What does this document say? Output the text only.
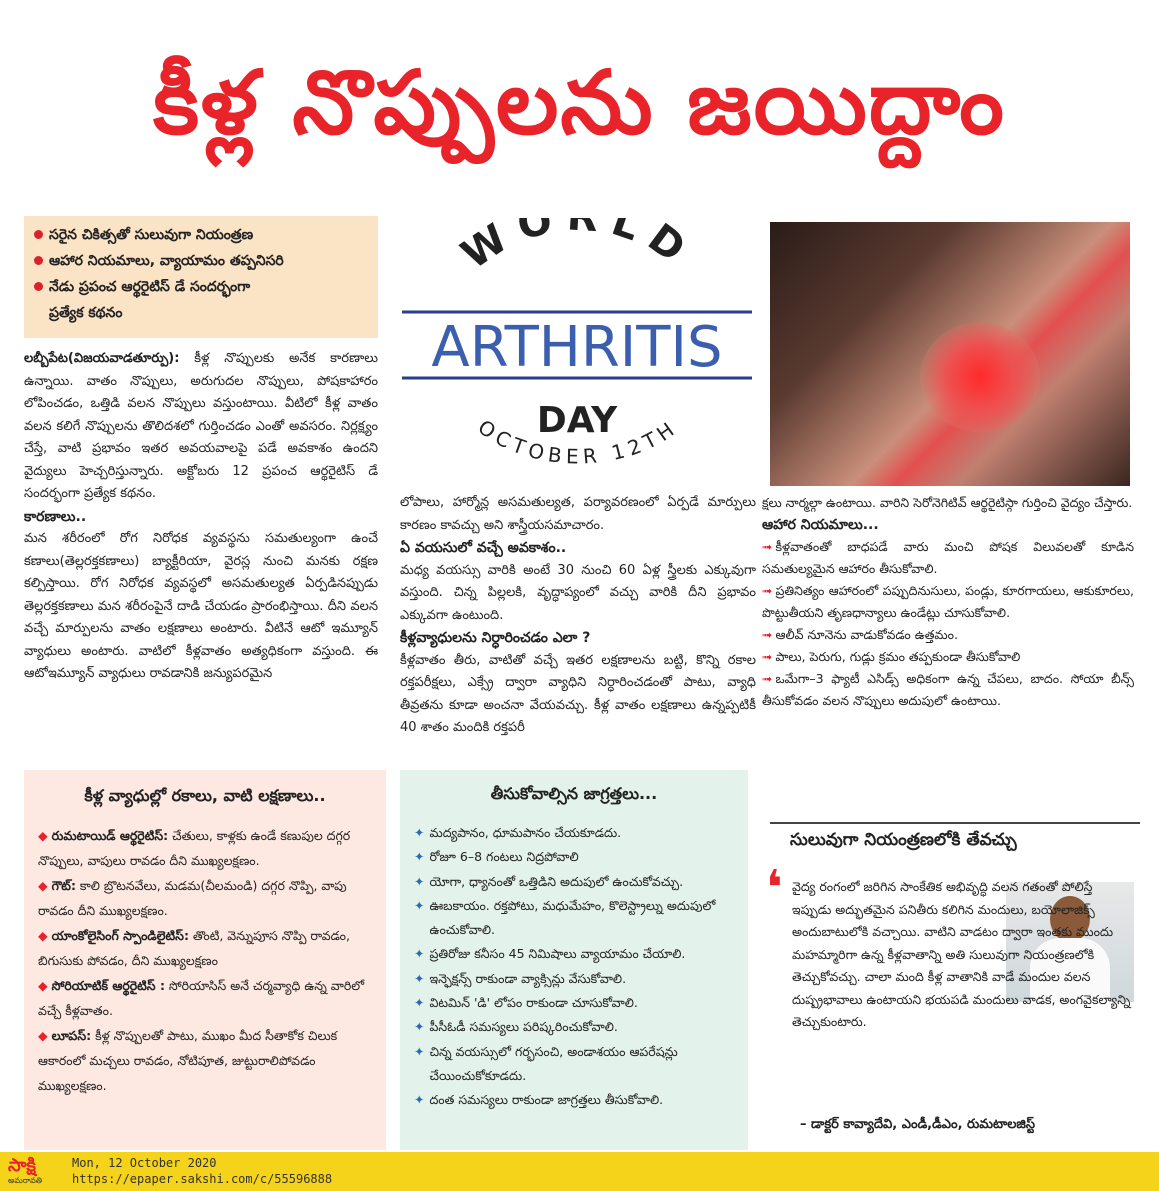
కీళ్ల నొప్పులను జయిద్దాం
సరైన చికిత్సతో సులువుగా నియంత్రణ
ఆహార నియమాలు, వ్యాయామం తప్పనిసరి
నేడు ప్రపంచ ఆర్థరైటిస్ డే సందర్భంగా
ప్రత్యేక కథనం
WO LD
ARTHRITIS
DAY
OCTOBER 12TH

లబ్బీపేట(విజయవాడతూర్పు): కీళ్ల నొప్పులకు అనేక కారణాలు ఉన్నాయి. వాతం నొప్పులు, అరుగుదల నొప్పులు, పోషకాహారం లోపించడం, ఒత్తిడి వలన నొప్పులు వస్తుంటాయి. వీటిలో కీళ్ల వాతం వలన కలిగే నొప్పులను తొలిదశలో గుర్తించడం ఎంతో అవసరం. నిర్లక్ష్యం చేస్తే, వాటి ప్రభావం ఇతర అవయవాలపై పడే అవకాశం ఉందని వైద్యులు హెచ్చరిస్తున్నారు. అక్టోబరు 12 ప్రపంచ ఆర్థరైటిస్ డే సందర్భంగా ప్రత్యేక కథనం.

కారణాలు..

మన శరీరంలో రోగ నిరోధక వ్యవస్థను సమతుల్యంగా ఉంచే కణాలు(తెల్లరక్తకణాలు) బ్యాక్టీరియా, వైరస్ల నుంచి మనకు రక్షణ కల్పిస్తాయి. రోగ నిరోధక వ్యవస్థలో అసమతుల్యత ఏర్పడినప్పుడు తెల్లరక్తకణాలు మన శరీరంపైనే దాడి చేయడం ప్రారంభిస్తాయి. దీని వలన వచ్చే మార్పులను వాతం లక్షణాలు అంటారు. వీటినే ఆటో ఇమ్యూన్ వ్యాధులు అంటారు. వాటిలో కీళ్లవాతం అత్యధికంగా వస్తుంది. ఈ ఆటోఇమ్యూన్ వ్యాధులు రావడానికి జన్యుపరమైన

లోపాలు, హార్మోన్ల అసమతుల్యత, పర్యావరణంలో ఏర్పడే మార్పులు కారణం కావచ్చు అని శాస్త్రీయసమాచారం.

ఏ వయసులో వచ్చే అవకాశం..

మధ్య వయస్సు వారికి అంటే 30 నుంచి 60 ఏళ్ల స్త్రీలకు ఎక్కువుగా వస్తుంది. చిన్న పిల్లలకి, వృద్ధాప్యంలో వచ్చు వారికి దీని ప్రభావం ఎక్కువగా ఉంటుంది.

కీళ్లవ్యాధులను నిర్ధారించడం ఎలా ?

కీళ్లవాతం తీరు, వాటితో వచ్చే ఇతర లక్షణాలను బట్టి, కొన్ని రకాల రక్తపరీక్షలు, ఎక్స్రే ద్వారా వ్యాధిని నిర్ధారించడంతో పాటు, వ్యాధి తీవ్రతను కూడా అంచనా వేయవచ్చు. కీళ్ల వాతం లక్షణాలు ఉన్నప్పటికీ 40 శాతం మందికి రక్తపరీ

క్షలు నార్మల్గా ఉంటాయి. వారిని సెరోనెగిటివ్ ఆర్థరైటిస్గా గుర్తించి వైద్యం చేస్తారు.

ఆహార నియమాలు...

➟ కీళ్లవాతంతో బాధపడే వారు మంచి పోషక విలువలతో కూడిన సమతుల్యమైన ఆహారం తీసుకోవాలి.

➟ ప్రతినిత్యం ఆహారంలో పప్పుదినుసులు, పండ్లు, కూరగాయలు, ఆకుకూరలు, పొట్టుతీయని తృణధాన్యాలు ఉండేట్లు చూసుకోవాలి.

➟ ఆలీవ్ నూనెను వాడుకోవడం ఉత్తమం.

➟ పాలు, పెరుగు, గుడ్లు క్రమం తప్పకుండా తీసుకోవాలి

➟ ఒమేగా–3 ఫ్యాటీ ఎసిడ్స్ అధికంగా ఉన్న చేపలు, బాదం. సోయా బీన్స్ తీసుకోవడం వలన నొప్పులు అదుపులో ఉంటాయి.

కీళ్ల వ్యాధుల్లో రకాలు, వాటి లక్షణాలు..

◆ రుమటాయిడ్ ఆర్థరైటిస్: చేతులు, కాళ్లకు ఉండే కణుపుల దగ్గర నొప్పులు, వాపులు రావడం దీని ముఖ్యలక్షణం.

◆ గౌట్: కాలి బ్రొటనవేలు, మడమ(చీలమండి) దగ్గర నొప్పి, వాపు రావడం దీని ముఖ్యలక్షణం.

◆ యాంకోలైసింగ్ స్పాండిలైటిస్: తొంటి, వెన్నుపూస నొప్పి రావడం, బిగుసుకు పోవడం, దీని ముఖ్యలక్షణం

◆ సోరియాటిక్ ఆర్థరైటిస్ : సోరియాసిస్ అనే చర్మవ్యాధి ఉన్న వారిలో వచ్చే కీళ్లవాతం.

◆ లూపస్: కీళ్ల నొప్పులతో పాటు, ముఖం మీద సీతాకోక చిలుక ఆకారంలో మచ్చలు రావడం, నోటిపూత, జుట్టురాలిపోవడం ముఖ్యలక్షణం.

తీసుకోవాల్సిన జాగ్రత్తలు...
✦ మద్యపానం, ధూమపానం చేయకూడదు.
✦ రోజూ 6–8 గంటలు నిద్రపోవాలి
✦ యోగా, ధ్యానంతో ఒత్తిడిని అదుపులో ఉంచుకోవచ్చు.
✦ ఊబకాయం. రక్తపోటు, మధుమేహం, కొలెస్ట్రాల్ను అదుపులో ఉంచుకోవాలి.
✦ ప్రతిరోజు కనీసం 45 నిమిషాలు వ్యాయామం చేయాలి.
✦ ఇన్ఫెక్షన్స్ రాకుండా వ్యాక్సిన్లు వేసుకోవాలి.
✦ విటమిన్ 'డి' లోపం రాకుండా చూసుకోవాలి.
✦ పీసీఓడీ సమస్యలు పరిష్కరించుకోవాలి.
✦ చిన్న వయస్సులో గర్భసంచి, అండాశయం ఆపరేషన్లు చేయించుకోకూడదు.
✦ దంత సమస్యలు రాకుండా జాగ్రత్తలు తీసుకోవాలి.
సులువుగా నియంత్రణలోకి తేవచ్చు
❛ వైద్య రంగంలో జరిగిన సాంకేతిక అభివృద్ధి వలన గతంతో పోలిస్తే ఇప్పుడు అద్భుతమైన పనితీరు కలిగిన మందులు, బయోలాజిక్స్ అందుబాటులోకి వచ్చాయి. వాటిని వాడటం ద్వారా ఇంతకు ముందు మహమ్మారిగా ఉన్న కీళ్లవాతాన్ని అతి సులువుగా నియంత్రణలోకి తెచ్చుకోవచ్చు. చాలా మంది కీళ్ల వాతానికి వాడే మందుల వలన దుష్ప్రభావాలు ఉంటాయని భయపడి మందులు వాడక, అంగవైకల్యాన్ని తెచ్చుకుంటారు.

– డాక్టర్ కావ్యాదేవి, ఎండీ,డీఎం, రుమటాలజిస్ట్
సాక్షి
అమరావతి
Mon, 12 October 2020
https://epaper.sakshi.com/c/55596888
